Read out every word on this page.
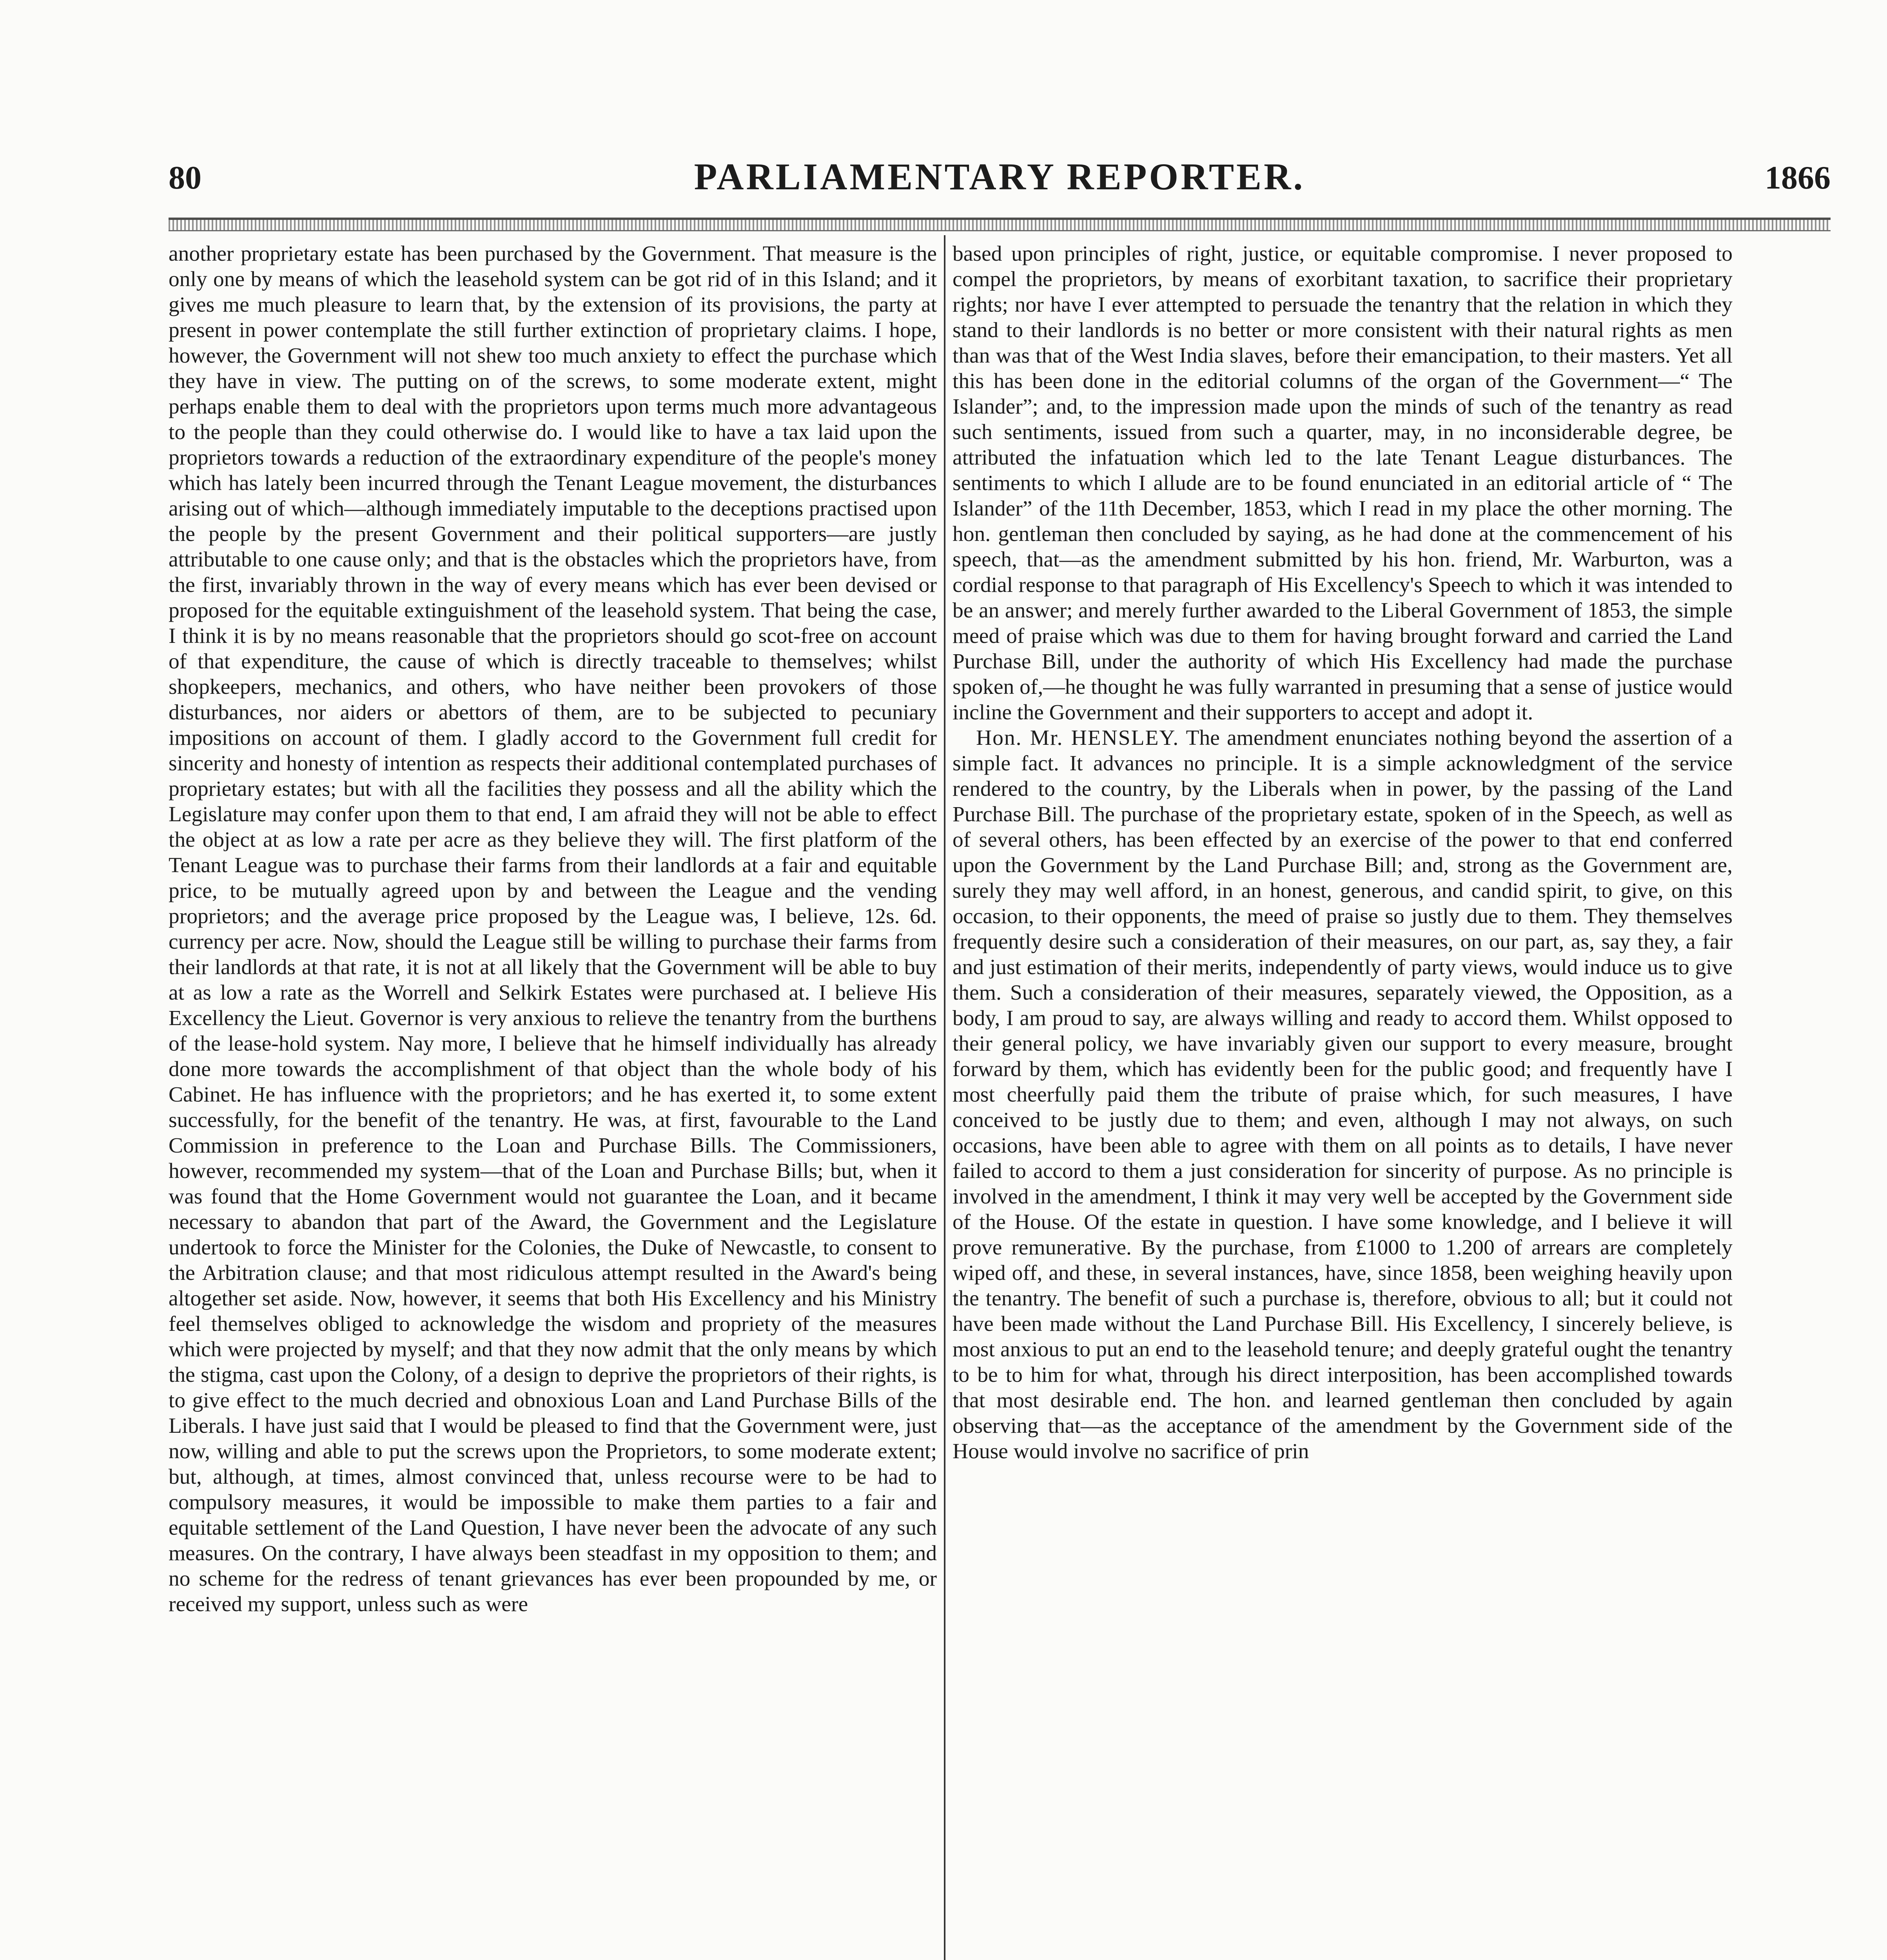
80	PARLIAMENTARY REPORTER.	1866

another proprietary estate has been purchased by the Government. That measure is the only one by means of which the leasehold system can be got rid of in this Island; and it gives me much pleasure to learn that, by the extension of its provisions, the party at present in power contemplate the still further extinction of proprietary claims. I hope, however, the Government will not shew too much anxiety to effect the purchase which they have in view. The putting on of the screws, to some moderate extent, might perhaps enable them to deal with the proprietors upon terms much more advantageous to the people than they could otherwise do. I would like to have a tax laid upon the proprietors towards a reduction of the extraordinary expenditure of the people's money which has lately been incurred through the Tenant League movement, the disturbances arising out of which—although immediately imputable to the deceptions practised upon the people by the present Government and their political supporters—are justly attributable to one cause only; and that is the obstacles which the proprietors have, from the first, invariably thrown in the way of every means which has ever been devised or proposed for the equitable extinguishment of the leasehold system. That being the case, I think it is by no means reasonable that the proprietors should go scot-free on account of that expenditure, the cause of which is directly traceable to themselves; whilst shopkeepers, mechanics, and others, who have neither been provokers of those disturbances, nor aiders or abettors of them, are to be subjected to pecuniary impositions on account of them. I gladly accord to the Government full credit for sincerity and honesty of intention as respects their additional contemplated purchases of proprietary estates; but with all the facilities they possess and all the ability which the Legislature may confer upon them to that end, I am afraid they will not be able to effect the object at as low a rate per acre as they believe they will. The first platform of the Tenant League was to purchase their farms from their landlords at a fair and equitable price, to be mutually agreed upon by and between the League and the vending proprietors; and the average price proposed by the League was, I believe, 12s. 6d. currency per acre. Now, should the League still be willing to purchase their farms from their landlords at that rate, it is not at all likely that the Government will be able to buy at as low a rate as the Worrell and Selkirk Estates were purchased at. I believe His Excellency the Lieut. Governor is very anxious to relieve the tenantry from the burthens of the lease-hold system. Nay more, I believe that he himself individually has already done more towards the accomplishment of that object than the whole body of his Cabinet. He has influence with the proprietors; and he has exerted it, to some extent successfully, for the benefit of the tenantry. He was, at first, favourable to the Land Commission in preference to the Loan and Purchase Bills. The Commissioners, however, recommended my system—that of the Loan and Purchase Bills; but, when it was found that the Home Government would not guarantee the Loan, and it became necessary to abandon that part of the Award, the Government and the Legislature undertook to force the Minister for the Colonies, the Duke of Newcastle, to consent to the Arbitration clause; and that most ridiculous attempt resulted in the Award's being altogether set aside. Now, however, it seems that both His Excellency and his Ministry feel themselves obliged to acknowledge the wisdom and propriety of the measures which were projected by myself; and that they now admit that the only means by which the stigma, cast upon the Colony, of a design to deprive the proprietors of their rights, is to give effect to the much decried and obnoxious Loan and Land Purchase Bills of the Liberals. I have just said that I would be pleased to find that the Government were, just now, willing and able to put the screws upon the Proprietors, to some moderate extent; but, although, at times, almost convinced that, unless recourse were to be had to compulsory measures, it would be impossible to make them parties to a fair and equitable settlement of the Land Question, I have never been the advocate of any such measures. On the contrary, I have always been steadfast in my opposition to them; and no scheme for the redress of tenant grievances has ever been propounded by me, or received my support, unless such as were

based upon principles of right, justice, or equitable compromise. I never proposed to compel the proprietors, by means of exorbitant taxation, to sacrifice their proprietary rights; nor have I ever attempted to persuade the tenantry that the relation in which they stand to their landlords is no better or more consistent with their natural rights as men than was that of the West India slaves, before their emancipation, to their masters. Yet all this has been done in the editorial columns of the organ of the Government—“ The Islander”; and, to the impression made upon the minds of such of the tenantry as read such sentiments, issued from such a quarter, may, in no inconsiderable degree, be attributed the infatuation which led to the late Tenant League disturbances. The sentiments to which I allude are to be found enunciated in an editorial article of “ The Islander” of the 11th December, 1853, which I read in my place the other morning. The hon. gentleman then concluded by saying, as he had done at the commencement of his speech, that—as the amendment submitted by his hon. friend, Mr. Warburton, was a cordial response to that paragraph of His Excellency's Speech to which it was intended to be an answer; and merely further awarded to the Liberal Government of 1853, the simple meed of praise which was due to them for having brought forward and carried the Land Purchase Bill, under the authority of which His Excellency had made the purchase spoken of,—he thought he was fully warranted in presuming that a sense of justice would incline the Government and their supporters to accept and adopt it.

Hon. Mr. HENSLEY. The amendment enunciates nothing beyond the assertion of a simple fact. It advances no principle. It is a simple acknowledgment of the service rendered to the country, by the Liberals when in power, by the passing of the Land Purchase Bill. The purchase of the proprietary estate, spoken of in the Speech, as well as of several others, has been effected by an exercise of the power to that end conferred upon the Government by the Land Purchase Bill; and, strong as the Government are, surely they may well afford, in an honest, generous, and candid spirit, to give, on this occasion, to their opponents, the meed of praise so justly due to them. They themselves frequently desire such a consideration of their measures, on our part, as, say they, a fair and just estimation of their merits, independently of party views, would induce us to give them. Such a consideration of their measures, separately viewed, the Opposition, as a body, I am proud to say, are always willing and ready to accord them. Whilst opposed to their general policy, we have invariably given our support to every measure, brought forward by them, which has evidently been for the public good; and frequently have I most cheerfully paid them the tribute of praise which, for such measures, I have conceived to be justly due to them; and even, although I may not always, on such occasions, have been able to agree with them on all points as to details, I have never failed to accord to them a just consideration for sincerity of purpose. As no principle is involved in the amendment, I think it may very well be accepted by the Government side of the House. Of the estate in question. I have some knowledge, and I believe it will prove remunerative. By the purchase, from £1000 to 1.200 of arrears are completely wiped off, and these, in several instances, have, since 1858, been weighing heavily upon the tenantry. The benefit of such a purchase is, therefore, obvious to all; but it could not have been made without the Land Purchase Bill. His Excellency, I sincerely believe, is most anxious to put an end to the leasehold tenure; and deeply grateful ought the tenantry to be to him for what, through his direct interposition, has been accomplished towards that most desirable end. The hon. and learned gentleman then concluded by again observing that—as the acceptance of the amendment by the Government side of the House would involve no sacrifice of prin
